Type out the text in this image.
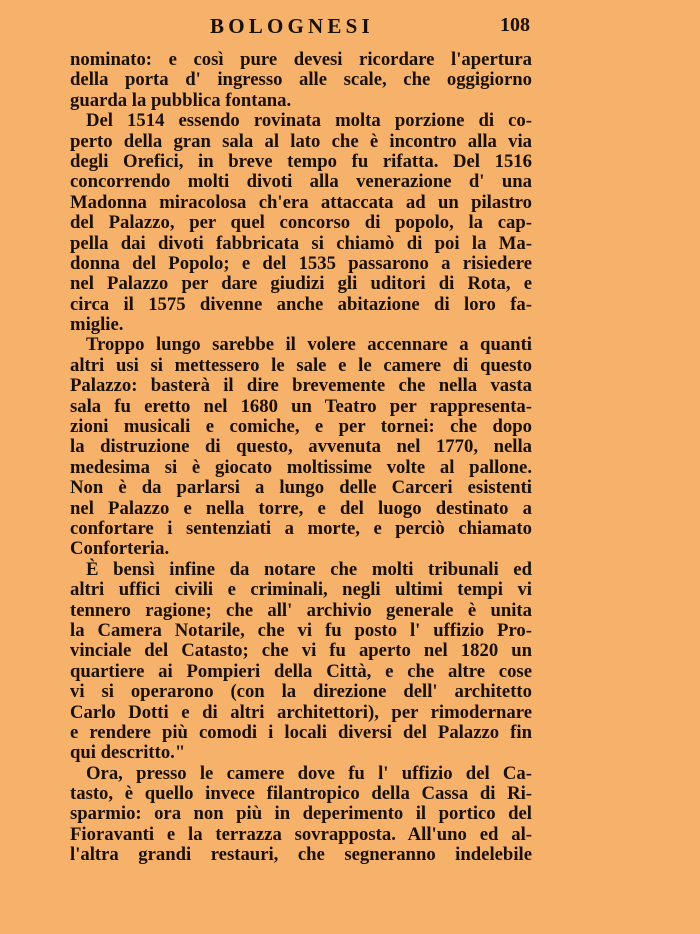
BOLOGNESI	108
nominato: e così pure devesi ricordare l'apertura
della porta d' ingresso alle scale, che oggigiorno
guarda la pubblica fontana.
Del 1514 essendo rovinata molta porzione di co-
perto della gran sala al lato che è incontro alla via
degli Orefici, in breve tempo fu rifatta. Del 1516
concorrendo molti divoti alla venerazione d' una
Madonna miracolosa ch'era attaccata ad un pilastro
del Palazzo, per quel concorso di popolo, la cap-
pella dai divoti fabbricata si chiamò di poi la Ma-
donna del Popolo; e del 1535 passarono a risiedere
nel Palazzo per dare giudizi gli uditori di Rota, e
circa il 1575 divenne anche abitazione di loro fa-
miglie.
Troppo lungo sarebbe il volere accennare a quanti
altri usi si mettessero le sale e le camere di questo
Palazzo: basterà il dire brevemente che nella vasta
sala fu eretto nel 1680 un Teatro per rappresenta-
zioni musicali e comiche, e per tornei: che dopo
la distruzione di questo, avvenuta nel 1770, nella
medesima si è giocato moltissime volte al pallone.
Non è da parlarsi a lungo delle Carceri esistenti
nel Palazzo e nella torre, e del luogo destinato a
confortare i sentenziati a morte, e perciò chiamato
Conforteria.
È bensì infine da notare che molti tribunali ed
altri uffici civili e criminali, negli ultimi tempi vi
tennero ragione; che all' archivio generale è unita
la Camera Notarile, che vi fu posto l' uffizio Pro-
vinciale del Catasto; che vi fu aperto nel 1820 un
quartiere ai Pompieri della Città, e che altre cose
vi si operarono (con la direzione dell' architetto
Carlo Dotti e di altri architettori), per rimodernare
e rendere più comodi i locali diversi del Palazzo fin
qui descritto."
Ora, presso le camere dove fu l' uffizio del Ca-
tasto, è quello invece filantropico della Cassa di Ri-
sparmio: ora non più in deperimento il portico del
Fioravanti e la terrazza sovrapposta. All'uno ed al-
l'altra grandi restauri, che segneranno indelebile
